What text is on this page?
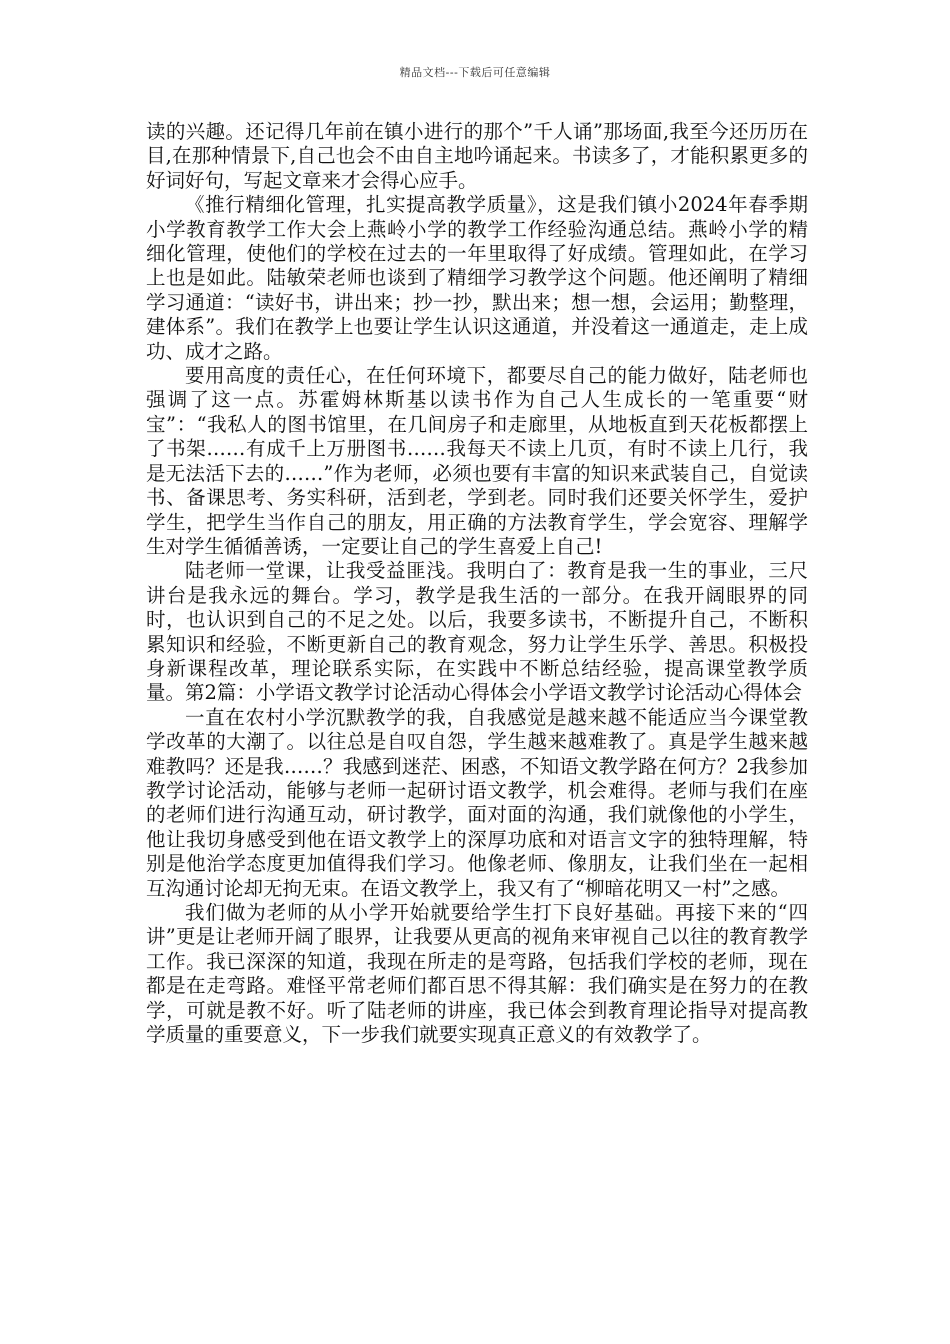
精品文档---下载后可任意编辑

读的兴趣。还记得几年前在镇小进行的那个”千人诵”那场面,我至今还历历在目,在那种情景下,自己也会不由自主地吟诵起来。书读多了，才能积累更多的好词好句，写起文章来才会得心应手。

《推行精细化管理，扎实提高教学质量》，这是我们镇小2024年春季期小学教育教学工作大会上燕岭小学的教学工作经验沟通总结。燕岭小学的精细化管理，使他们的学校在过去的一年里取得了好成绩。管理如此，在学习上也是如此。陆敏荣老师也谈到了精细学习教学这个问题。他还阐明了精细学习通道：“读好书，讲出来；抄一抄，默出来；想一想，会运用；勤整理，建体系”。我们在教学上也要让学生认识这通道，并没着这一通道走，走上成功、成才之路。

要用高度的责任心，在任何环境下，都要尽自己的能力做好，陆老师也强调了这一点。苏霍姆林斯基以读书作为自己人生成长的一笔重要“财宝”：“我私人的图书馆里，在几间房子和走廊里，从地板直到天花板都摆上了书架……有成千上万册图书……我每天不读上几页，有时不读上几行，我是无法活下去的……”作为老师，必须也要有丰富的知识来武装自己，自觉读书、备课思考、务实科研，活到老，学到老。同时我们还要关怀学生，爱护学生，把学生当作自己的朋友，用正确的方法教育学生，学会宽容、理解学生对学生循循善诱，一定要让自己的学生喜爱上自己!

陆老师一堂课，让我受益匪浅。我明白了：教育是我一生的事业，三尺讲台是我永远的舞台。学习，教学是我生活的一部分。在我开阔眼界的同时，也认识到自己的不足之处。以后，我要多读书，不断提升自己，不断积累知识和经验，不断更新自己的教育观念，努力让学生乐学、善思。积极投身新课程改革，理论联系实际，在实践中不断总结经验，提高课堂教学质量。第2篇：小学语文教学讨论活动心得体会小学语文教学讨论活动心得体会

一直在农村小学沉默教学的我，自我感觉是越来越不能适应当今课堂教学改革的大潮了。以往总是自叹自怨，学生越来越难教了。真是学生越来越难教吗？还是我……？我感到迷茫、困惑，不知语文教学路在何方？2我参加教学讨论活动，能够与老师一起研讨语文教学，机会难得。老师与我们在座的老师们进行沟通互动，研讨教学，面对面的沟通，我们就像他的小学生，他让我切身感受到他在语文教学上的深厚功底和对语言文字的独特理解，特别是他治学态度更加值得我们学习。他像老师、像朋友，让我们坐在一起相互沟通讨论却无拘无束。在语文教学上，我又有了“柳暗花明又一村”之感。

我们做为老师的从小学开始就要给学生打下良好基础。再接下来的“四讲”更是让老师开阔了眼界，让我要从更高的视角来审视自己以往的教育教学工作。我已深深的知道，我现在所走的是弯路，包括我们学校的老师，现在都是在走弯路。难怪平常老师们都百思不得其解：我们确实是在努力的在教学，可就是教不好。听了陆老师的讲座，我已体会到教育理论指导对提高教学质量的重要意义，下一步我们就要实现真正意义的有效教学了。
